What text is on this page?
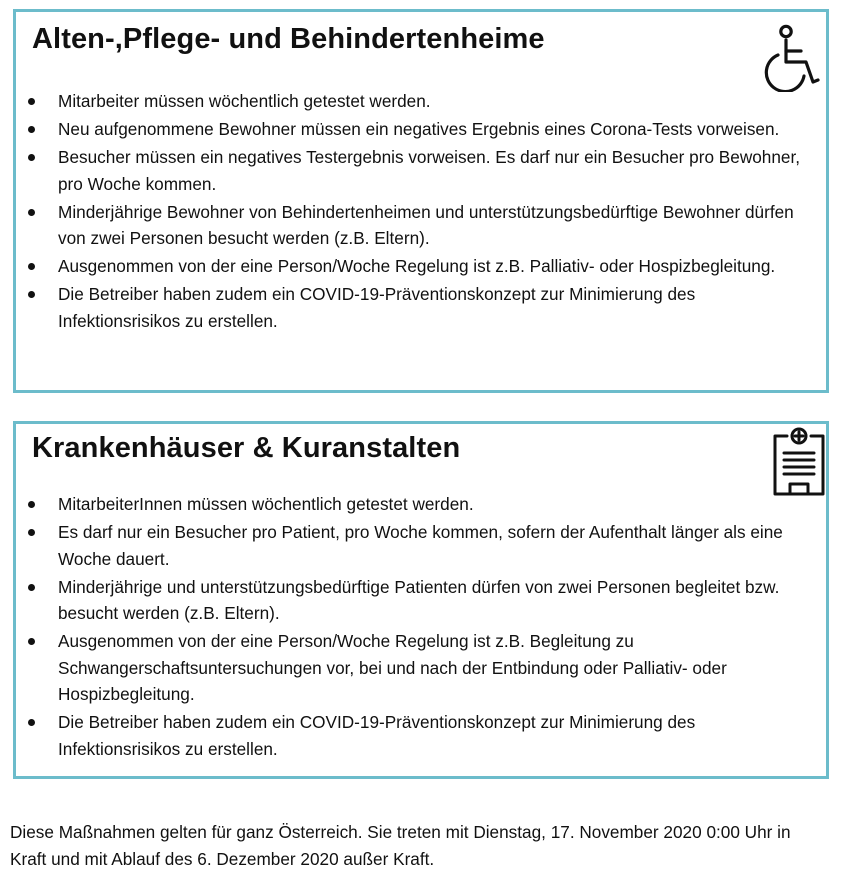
Alten-,Pflege- und Behindertenheime
Mitarbeiter müssen wöchentlich getestet werden.
Neu aufgenommene Bewohner müssen ein negatives Ergebnis eines Corona-Tests vorweisen.
Besucher müssen ein negatives Testergebnis vorweisen. Es darf nur ein Besucher pro Bewohner, pro Woche kommen.
Minderjährige Bewohner von Behindertenheimen und unterstützungsbedürftige Bewohner dürfen von zwei Personen besucht werden (z.B. Eltern).
Ausgenommen von der eine Person/Woche Regelung ist z.B. Palliativ- oder Hospizbegleitung.
Die Betreiber haben zudem ein COVID-19-Präventionskonzept zur Minimierung des Infektionsrisikos zu erstellen.
Krankenhäuser & Kuranstalten
MitarbeiterInnen müssen wöchentlich getestet werden.
Es darf nur ein Besucher pro Patient, pro Woche kommen, sofern der Aufenthalt länger als eine Woche dauert.
Minderjährige und unterstützungsbedürftige Patienten dürfen von zwei Personen begleitet bzw. besucht werden (z.B. Eltern).
Ausgenommen von der eine Person/Woche Regelung ist z.B. Begleitung zu Schwangerschaftsuntersuchungen vor, bei und nach der Entbindung oder Palliativ- oder Hospizbegleitung.
Die Betreiber haben zudem ein COVID-19-Präventionskonzept zur Minimierung des Infektionsrisikos zu erstellen.

Diese Maßnahmen gelten für ganz Österreich. Sie treten mit Dienstag, 17. November 2020 0:00 Uhr in Kraft und mit Ablauf des 6. Dezember 2020 außer Kraft.
